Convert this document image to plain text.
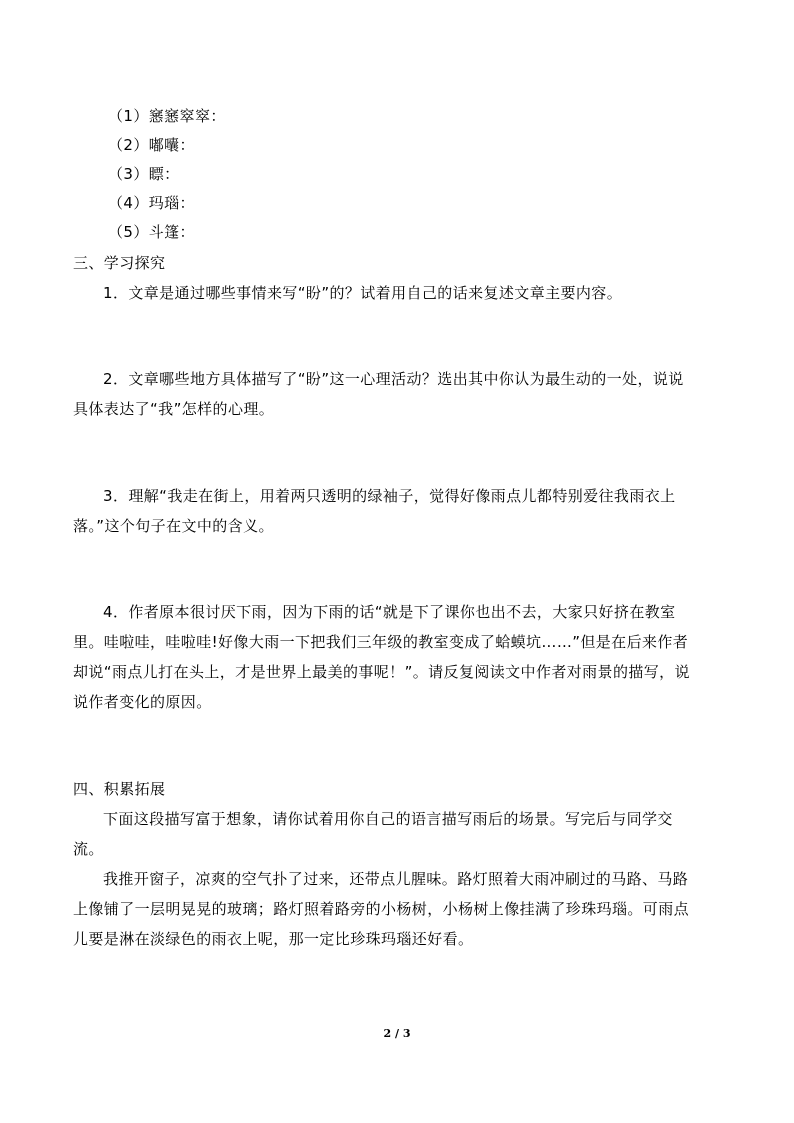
（1）窸窸窣窣：
（2）嘟囔：
（3）瞟：
（4）玛瑙：
（5）斗篷：
三、学习探究
1．文章是通过哪些事情来写“盼”的？试着用自己的话来复述文章主要内容。
2．文章哪些地方具体描写了“盼”这一心理活动？选出其中你认为最生动的一处，说说
具体表达了“我”怎样的心理。
3．理解“我走在街上，用着两只透明的绿袖子，觉得好像雨点儿都特别爱往我雨衣上
落。”这个句子在文中的含义。
4．作者原本很讨厌下雨，因为下雨的话“就是下了课你也出不去，大家只好挤在教室
里。哇啦哇，哇啦哇!好像大雨一下把我们三年级的教室变成了蛤蟆坑……”但是在后来作者
却说“雨点儿打在头上，才是世界上最美的事呢！”。请反复阅读文中作者对雨景的描写，说
说作者变化的原因。
四、积累拓展
下面这段描写富于想象，请你试着用你自己的语言描写雨后的场景。写完后与同学交
流。
我推开窗子，凉爽的空气扑了过来，还带点儿腥味。路灯照着大雨冲刷过的马路、马路
上像铺了一层明晃晃的玻璃；路灯照着路旁的小杨树，小杨树上像挂满了珍珠玛瑙。可雨点
儿要是淋在淡绿色的雨衣上呢，那一定比珍珠玛瑙还好看。
2 / 3
